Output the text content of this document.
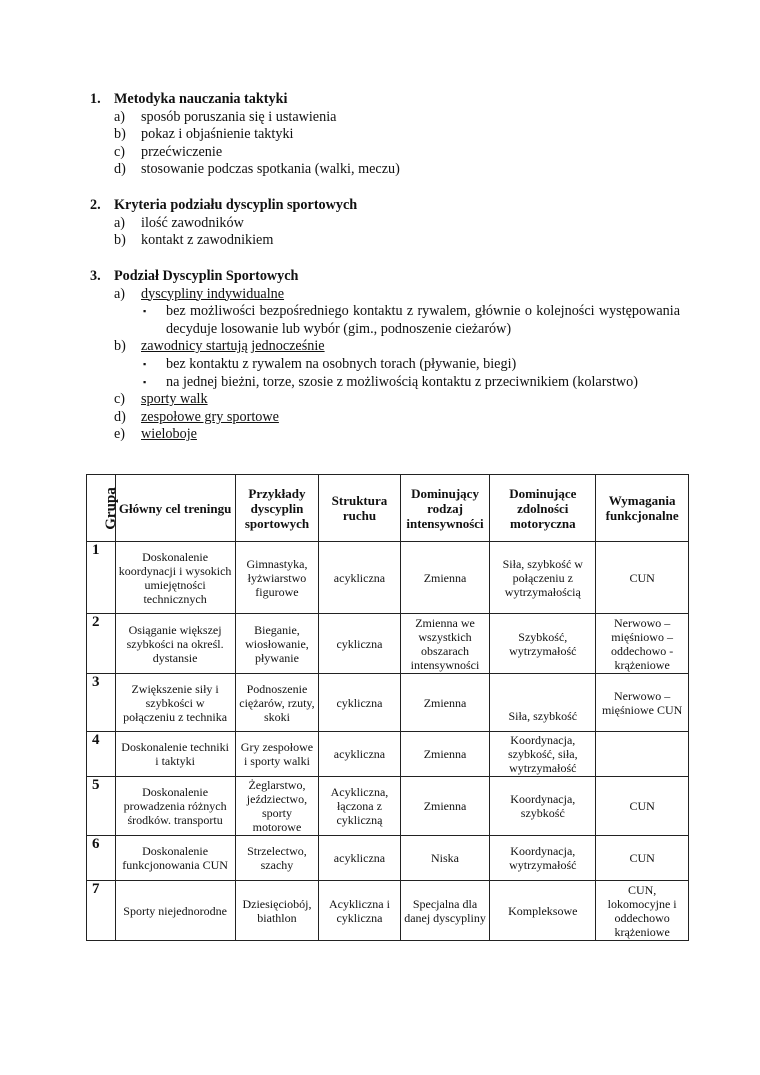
1. Metodyka nauczania taktyki
a)	sposób poruszania się i ustawienia
b)	pokaz i objaśnienie taktyki
c)	przećwiczenie
d)	stosowanie podczas spotkania (walki, meczu)
2. Kryteria podziału dyscyplin sportowych
a)	ilość zawodników
b)	kontakt z zawodnikiem
3. Podział Dyscyplin Sportowych
a)	dyscypliny indywidualne
▪	bez możliwości bezpośredniego kontaktu z rywalem, głównie o kolejności występowania decyduje losowanie lub wybór (gim., podnoszenie cieżarów)
b)	zawodnicy startują jednocześnie
▪	bez kontaktu z rywalem na osobnych torach (pływanie, biegi)
▪	na jednej bieżni, torze, szosie z możliwością kontaktu z przeciwnikiem (kolarstwo)
c)	sporty walk
d)	zespołowe gry sportowe
e)	wieloboje
Grupa	Główny cel treningu	Przykłady dyscyplin sportowych	Struktura ruchu	Dominujący rodzaj intensywności	Dominujące zdolności motoryczna	Wymagania funkcjonalne
1	Doskonalenie koordynacji i wysokich umiejętności technicznych	Gimnastyka, łyżwiarstwo figurowe	acykliczna	Zmienna	Siła, szybkość w połączeniu z wytrzymałością	CUN
2	Osiąganie większej szybkości na określ. dystansie	Bieganie, wiosłowanie, pływanie	cykliczna	Zmienna we wszystkich obszarach intensywności	Szybkość, wytrzymałość	Nerwowo – mięśniowo – oddechowo - krążeniowe
3	Zwiększenie siły i szybkości w połączeniu z technika	Podnoszenie ciężarów, rzuty, skoki	cykliczna	Zmienna	Siła, szybkość	Nerwowo – mięśniowe CUN
4	Doskonalenie techniki i taktyki	Gry zespołowe i sporty walki	acykliczna	Zmienna	Koordynacja, szybkość, siła, wytrzymałość	
5	Doskonalenie prowadzenia różnych środków. transportu	Żeglarstwo, jeździectwo, sporty motorowe	Acykliczna, łączona z cykliczną	Zmienna	Koordynacja, szybkość	CUN
6	Doskonalenie funkcjonowania CUN	Strzelectwo, szachy	acykliczna	Niska	Koordynacja, wytrzymałość	CUN
7	Sporty niejednorodne	Dziesięciobój, biathlon	Acykliczna i cykliczna	Specjalna dla danej dyscypliny	Kompleksowe	CUN, lokomocyjne i oddechowo krążeniowe
